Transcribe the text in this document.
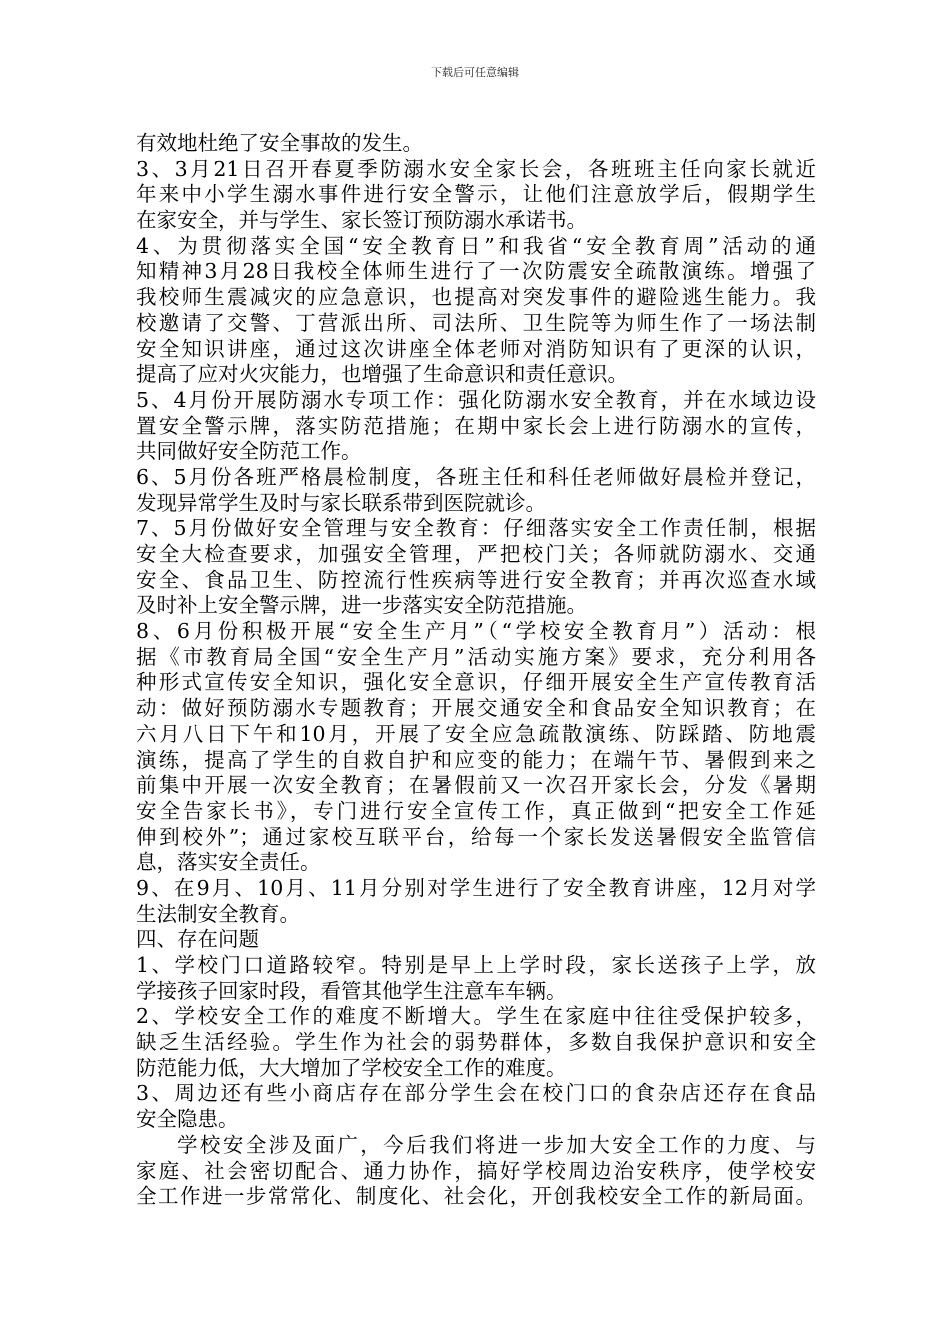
下载后可任意编辑
有效地杜绝了安全事故的发生。
3、3月21日召开春夏季防溺水安全家长会，各班班主任向家长就近
年来中小学生溺水事件进行安全警示，让他们注意放学后，假期学生
在家安全，并与学生、家长签订预防溺水承诺书。
4、为贯彻落实全国“安全教育日”和我省“安全教育周”活动的通
知精神3月28日我校全体师生进行了一次防震安全疏散演练。增强了
我校师生震减灾的应急意识，也提高对突发事件的避险逃生能力。我
校邀请了交警、丁营派出所、司法所、卫生院等为师生作了一场法制
安全知识讲座，通过这次讲座全体老师对消防知识有了更深的认识，
提高了应对火灾能力，也增强了生命意识和责任意识。
5、4月份开展防溺水专项工作：强化防溺水安全教育，并在水域边设
置安全警示牌，落实防范措施；在期中家长会上进行防溺水的宣传，
共同做好安全防范工作。
6、5月份各班严格晨检制度，各班主任和科任老师做好晨检并登记，
发现异常学生及时与家长联系带到医院就诊。
7、5月份做好安全管理与安全教育：仔细落实安全工作责任制，根据
安全大检查要求，加强安全管理，严把校门关；各师就防溺水、交通
安全、食品卫生、防控流行性疾病等进行安全教育；并再次巡查水域
及时补上安全警示牌，进一步落实安全防范措施。
8、6月份积极开展“安全生产月”（“学校安全教育月”）活动：根
据《市教育局全国“安全生产月”活动实施方案》要求，充分利用各
种形式宣传安全知识，强化安全意识，仔细开展安全生产宣传教育活
动：做好预防溺水专题教育；开展交通安全和食品安全知识教育；在
六月八日下午和10月，开展了安全应急疏散演练、防踩踏、防地震
演练，提高了学生的自救自护和应变的能力；在端午节、暑假到来之
前集中开展一次安全教育；在暑假前又一次召开家长会，分发《暑期
安全告家长书》，专门进行安全宣传工作，真正做到“把安全工作延
伸到校外”；通过家校互联平台，给每一个家长发送暑假安全监管信
息，落实安全责任。
9、在9月、10月、11月分别对学生进行了安全教育讲座，12月对学
生法制安全教育。
四、存在问题
1、学校门口道路较窄。特别是早上上学时段，家长送孩子上学，放
学接孩子回家时段，看管其他学生注意车车辆。
2、学校安全工作的难度不断增大。学生在家庭中往往受保护较多，
缺乏生活经验。学生作为社会的弱势群体，多数自我保护意识和安全
防范能力低，大大增加了学校安全工作的难度。
3、周边还有些小商店存在部分学生会在校门口的食杂店还存在食品
安全隐患。
学校安全涉及面广，今后我们将进一步加大安全工作的力度、与
家庭、社会密切配合、通力协作，搞好学校周边治安秩序，使学校安
全工作进一步常常化、制度化、社会化，开创我校安全工作的新局面。
